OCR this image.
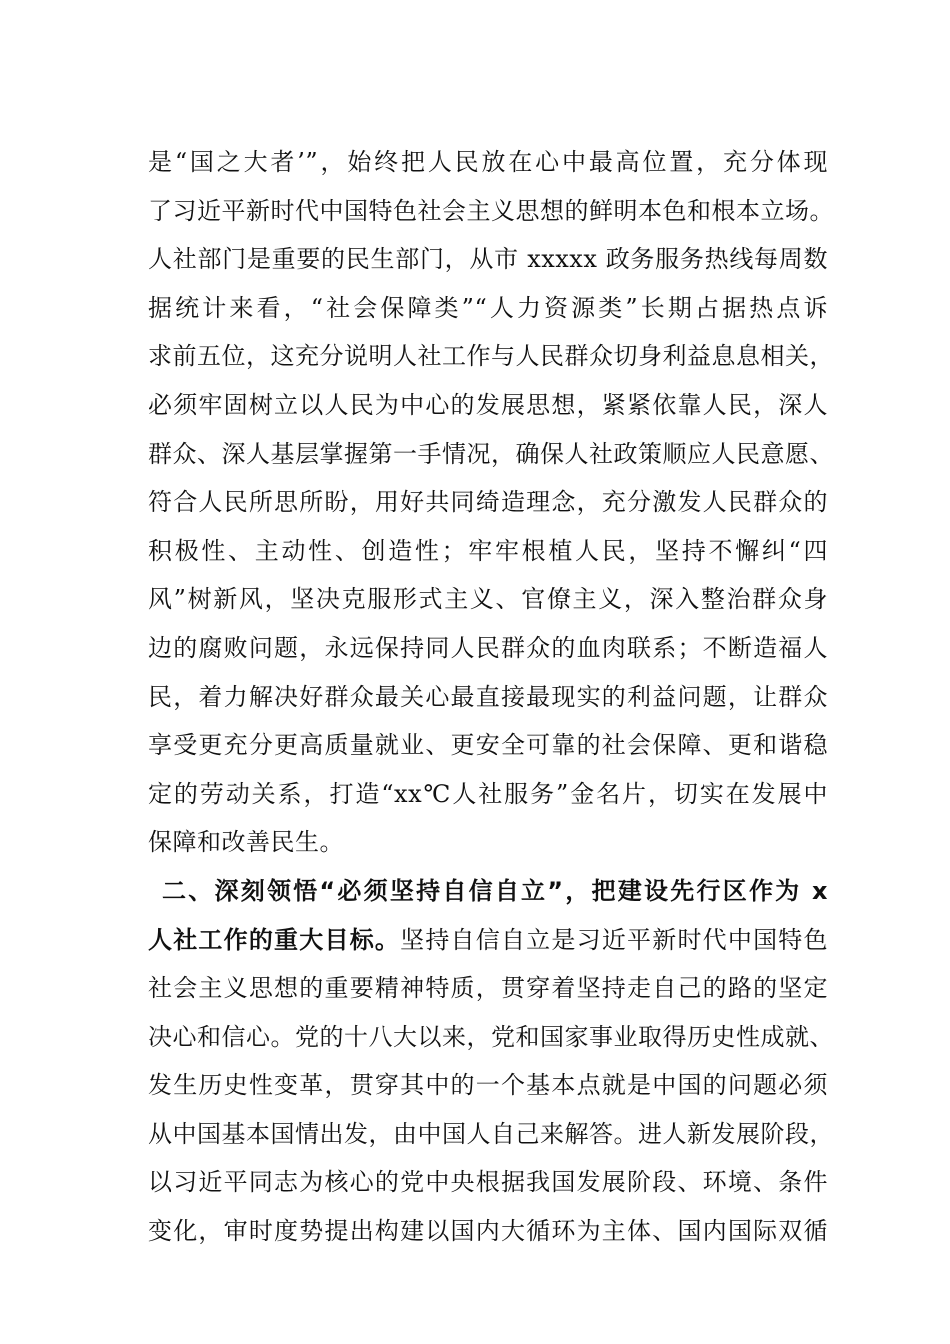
是“国之大者’”，始终把人民放在心中最高位置，充分体现
了习近平新时代中国特色社会主义思想的鲜明本色和根本立场。
人社部门是重要的民生部门，从市 xxxxx 政务服务热线每周数
据统计来看，“社会保障类”“人力资源类”长期占据热点诉
求前五位，这充分说明人社工作与人民群众切身利益息息相关，
必须牢固树立以人民为中心的发展思想，紧紧依靠人民，深人
群众、深人基层掌握第一手情况，确保人社政策顺应人民意愿、
符合人民所思所盼，用好共同绮造理念，充分激发人民群众的
积极性、主动性、创造性；牢牢根植人民，坚持不懈纠“四
风”树新风，坚决克服形式主义、官僚主义，深入整治群众身
边的腐败问题，永远保持同人民群众的血肉联系；不断造福人
民，着力解决好群众最关心最直接最现实的利益问题，让群众
享受更充分更高质量就业、更安全可靠的社会保障、更和谐稳
定的劳动关系，打造“xx℃人社服务”金名片，切实在发展中
保障和改善民生。
二、深刻领悟“必须坚持自信自立”，把建设先行区作为 x
人社工作的重大目标。坚持自信自立是习近平新时代中国特色
社会主义思想的重要精神特质，贯穿着坚持走自己的路的坚定
决心和信心。党的十八大以来，党和国家事业取得历史性成就、
发生历史性变革，贯穿其中的一个基本点就是中国的问题必须
从中国基本国情出发，由中国人自己来解答。进人新发展阶段，
以习近平同志为核心的党中央根据我国发展阶段、环境、条件
变化，审时度势提出构建以国内大循环为主体、国内国际双循
